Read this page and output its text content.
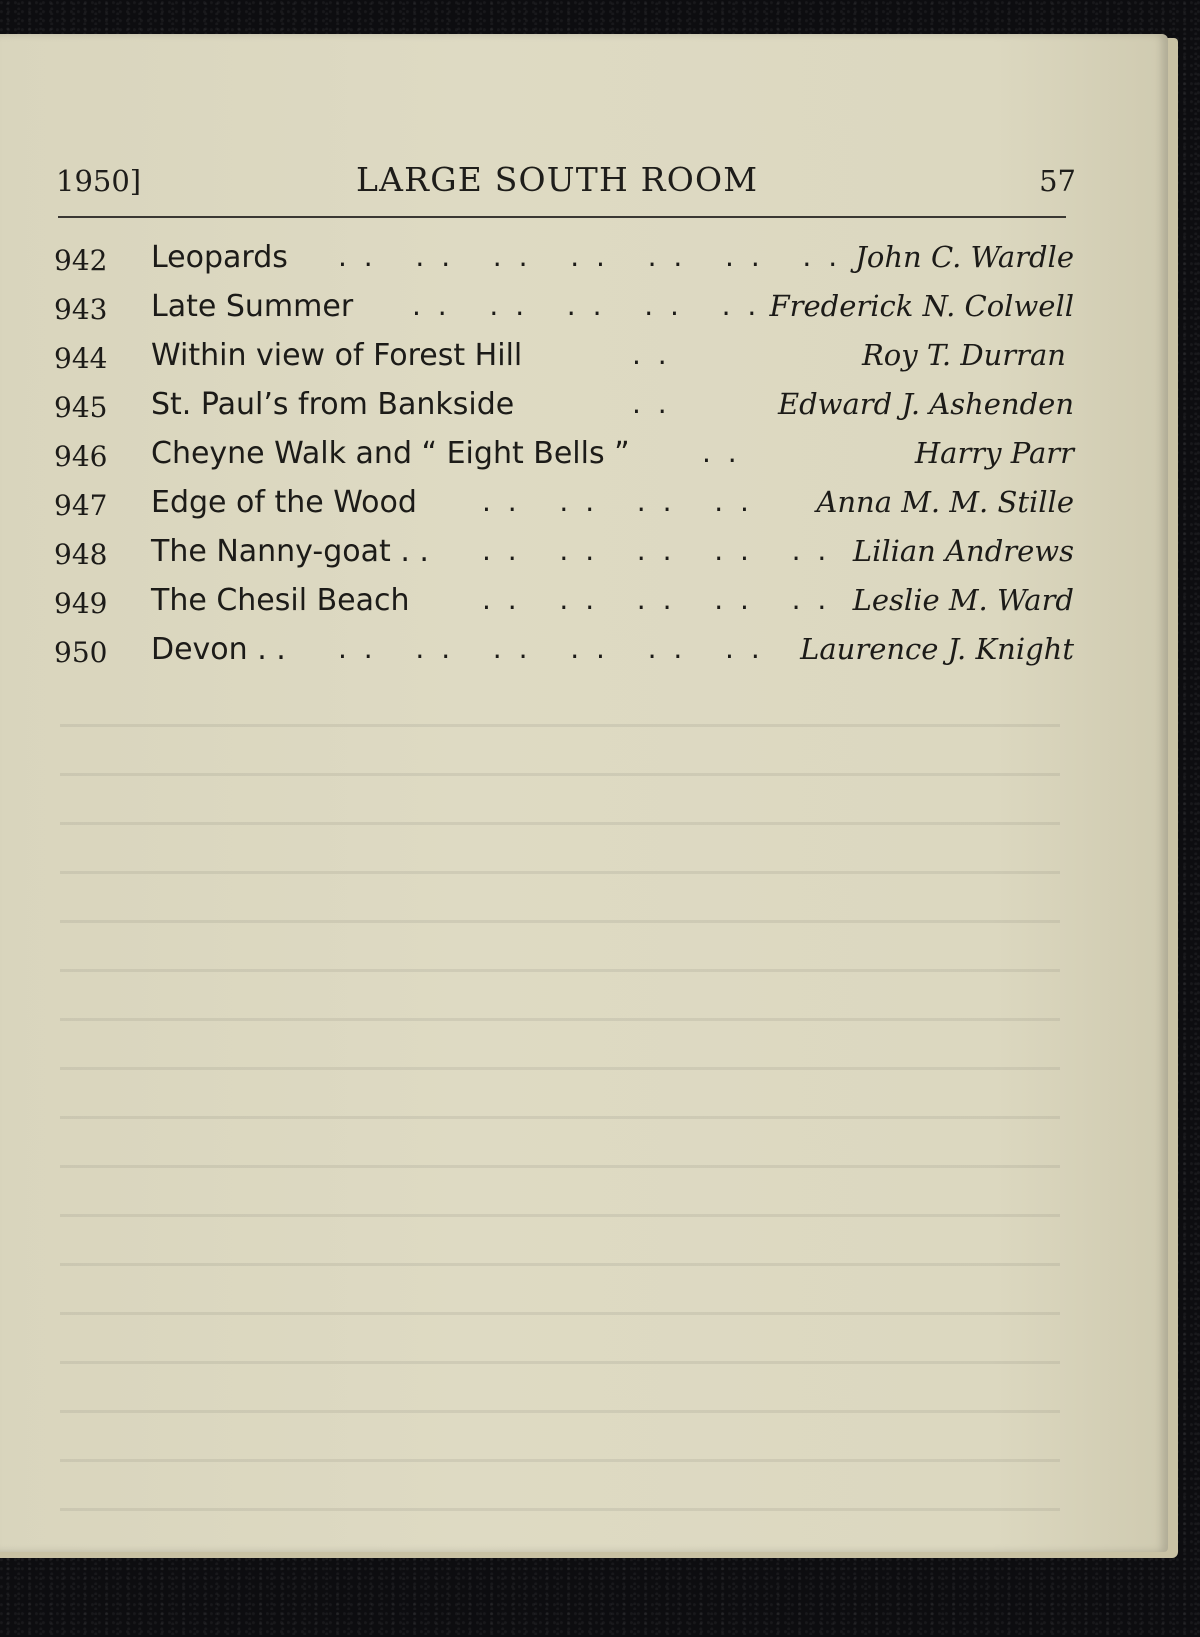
1950]	LARGE SOUTH ROOM	57
942 Leopards . .   . .   . .   . .   . .   . .   . . John C. Wardle
943 Late Summer . .   . .   . .   . .   . . Frederick N. Colwell
944 Within view of Forest Hill	. .	Roy T. Durran
945 St. Paul’s from Bankside	. .	Edward J. Ashenden
946 Cheyne Walk and “ Eight Bells ”	. .	Harry Parr
947 Edge of the Wood . .   . .   . .   . . Anna M. M. Stille
948 The Nanny-goat . . . .   . .   . .   . .   . . Lilian Andrews
949 The Chesil Beach	. .   . .   . .   . .   . . Leslie M. Ward
950 Devon . . . .   . .   . .   . .   . .   . . Laurence J. Knight
